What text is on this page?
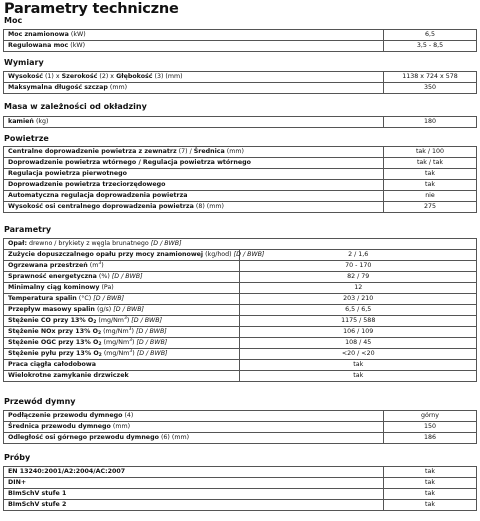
Parametry techniczne
Moc
Moc znamionowa (kW)	6,5
Regulowana moc (kW)	3,5 - 8,5
Wymiary
Wysokość (1) x Szerokość (2) x Głębokość (3) (mm)	1138 x 724 x 578
Maksymalna długość szczap (mm)	350
Masa w zależności od okładziny
kamień (kg)	180
Powietrze
Centralne doprowadzenie powietrza z zewnatrz (7) / Średnica (mm)	tak / 100
Doprowadzenie powietrza wtórnego / Regulacja powietrza wtórnego	tak / tak
Regulacja powietrza pierwotnego	tak
Doprowadzenie powietrza trzeciorzędowego	tak
Automatyczna regulacja doprowadzenia powietrza	nie
Wysokość osi centralnego doprowadzenia powietrza (8) (mm)	275
Parametry
Opał: drewno / brykiety z węgla brunatnego [D / BWB]	
Zużycie dopuszczalnego opału przy mocy znamionowej (kg/hod) [D / BWB]	2 / 1,6
Ogrzewana przestrzeń $(m^3)$	70 - 170
Sprawność energetyczna (%) [D / BWB]	82 / 79
Minimalny ciąg kominowy (Pa)	12
Temperatura spalin (°C) [D / BWB]	203 / 210
Przepływ masowy spalin (g/s) [D / BWB]	6,5 / 6,5
Stężenie CO przy 13% $O_2$ (mg/Nm$^3$) [D / BWB]	1175 / 588
Stężenie NOx przy 13% $O_2$ (mg/Nm$^3$) [D / BWB]	106 / 109
Stężenie OGC przy 13% $O_2$ (mg/Nm$^3$) [D / BWB]	108 / 45
Stężenie pyłu przy 13% $O_2$ (mg/Nm$^3$) [D / BWB]	<20 / <20
Praca ciągła całodobowa	tak
Wielokrotne zamykanie drzwiczek	tak
Przewód dymny
Podłączenie przewodu dymnego (4)	górny
Średnica przewodu dymnego (mm)	150
Odległość osi górnego przewodu dymnego (6) (mm)	186
Próby
EN 13240:2001/A2:2004/AC:2007	tak
DIN+	tak
BImSchV stufe 1	tak
BImSchV stufe 2	tak
